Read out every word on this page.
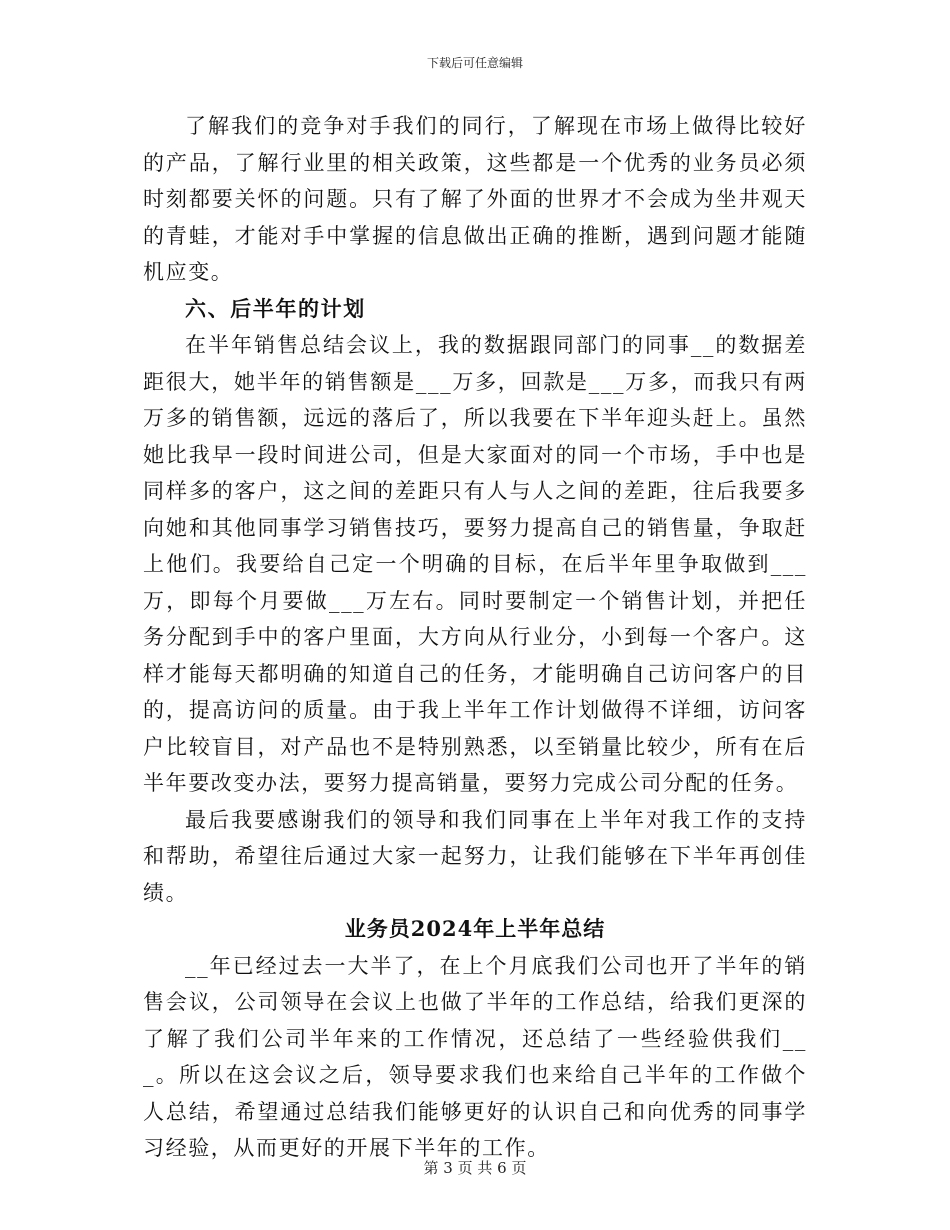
下载后可任意编辑

了解我们的竞争对手我们的同行，了解现在市场上做得比较好的产品，了解行业里的相关政策，这些都是一个优秀的业务员必须时刻都要关怀的问题。只有了解了外面的世界才不会成为坐井观天的青蛙，才能对手中掌握的信息做出正确的推断，遇到问题才能随机应变。

六、后半年的计划

在半年销售总结会议上，我的数据跟同部门的同事__的数据差距很大，她半年的销售额是___万多，回款是___万多，而我只有两万多的销售额，远远的落后了，所以我要在下半年迎头赶上。虽然她比我早一段时间进公司，但是大家面对的同一个市场，手中也是同样多的客户，这之间的差距只有人与人之间的差距，往后我要多向她和其他同事学习销售技巧，要努力提高自己的销售量，争取赶上他们。我要给自己定一个明确的目标，在后半年里争取做到___万，即每个月要做___万左右。同时要制定一个销售计划，并把任务分配到手中的客户里面，大方向从行业分，小到每一个客户。这样才能每天都明确的知道自己的任务，才能明确自己访问客户的目的，提高访问的质量。由于我上半年工作计划做得不详细，访问客户比较盲目，对产品也不是特别熟悉，以至销量比较少，所有在后半年要改变办法，要努力提高销量，要努力完成公司分配的任务。

最后我要感谢我们的领导和我们同事在上半年对我工作的支持和帮助，希望往后通过大家一起努力，让我们能够在下半年再创佳绩。

业务员2024年上半年总结

__年已经过去一大半了，在上个月底我们公司也开了半年的销售会议，公司领导在会议上也做了半年的工作总结，给我们更深的了解了我们公司半年来的工作情况，还总结了一些经验供我们___。所以在这会议之后，领导要求我们也来给自己半年的工作做个人总结，希望通过总结我们能够更好的认识自己和向优秀的同事学习经验，从而更好的开展下半年的工作。

第 3 页 共 6 页
